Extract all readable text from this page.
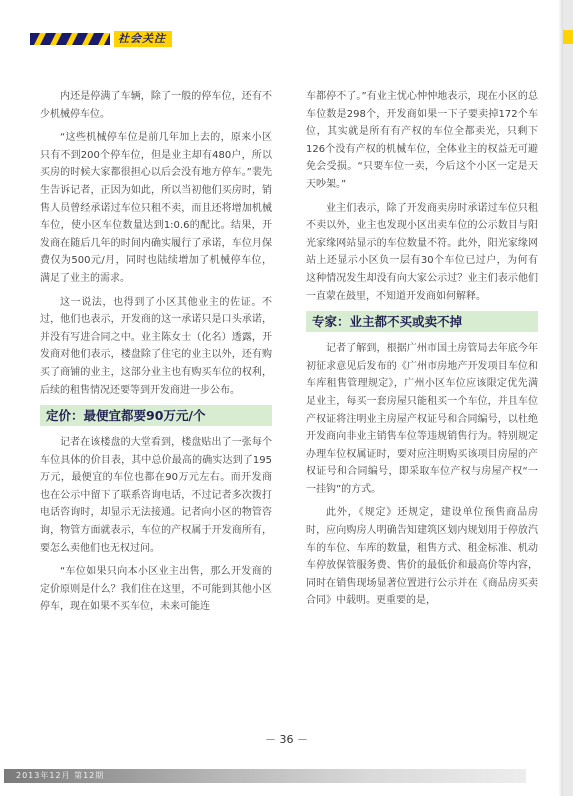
社会关注

内还是停满了车辆，除了一般的停车位，还有不少机械停车位。

“这些机械停车位是前几年加上去的，原来小区只有不到200个停车位，但是业主却有480户，所以买房的时候大家都很担心以后会没有地方停车。”裴先生告诉记者，正因为如此，所以当初他们买房时，销售人员曾经承诺过车位只租不卖，而且还将增加机械车位，使小区车位数量达到1:0.6的配比。结果，开发商在随后几年的时间内确实履行了承诺，车位月保费仅为500元/月，同时也陆续增加了机械停车位，满足了业主的需求。

这一说法，也得到了小区其他业主的佐证。不过，他们也表示，开发商的这一承诺只是口头承诺，并没有写进合同之中。业主陈女士（化名）透露，开发商对他们表示，楼盘除了住宅的业主以外，还有购买了商铺的业主，这部分业主也有购买车位的权利，后续的租售情况还要等到开发商进一步公布。

定价：最便宜都要90万元/个

记者在该楼盘的大堂看到，楼盘贴出了一张每个车位具体的价目表，其中总价最高的确实达到了195万元，最便宜的车位也都在90万元左右。而开发商也在公示中留下了联系咨询电话，不过记者多次拨打电话咨询时，却显示无法接通。记者向小区的物管咨询，物管方面就表示，车位的产权属于开发商所有，要怎么卖他们也无权过问。

“车位如果只向本小区业主出售，那么开发商的定价原则是什么？我们住在这里，不可能到其他小区停车，现在如果不买车位，未来可能连

车都停不了。”有业主忧心忡忡地表示，现在小区的总车位数是298个，开发商如果一下子要卖掉172个车位，其实就是所有有产权的车位全都卖光，只剩下126个没有产权的机械车位，全体业主的权益无可避免会受损。“只要车位一卖，今后这个小区一定是天天吵架。”

业主们表示，除了开发商卖房时承诺过车位只租不卖以外，业主也发现小区出卖车位的公示数目与阳光家缘网站显示的车位数量不符。此外，阳光家缘网站上还显示小区负一层有30个车位已过户，为何有这种情况发生却没有向大家公示过？业主们表示他们一直蒙在鼓里，不知道开发商如何解释。

专家：业主都不买或卖不掉

记者了解到，根据广州市国土房管局去年底今年初征求意见后发布的《广州市房地产开发项目车位和车库租售管理规定》，广州小区车位应该限定优先满足业主，每买一套房屋只能租买一个车位，并且车位产权证将注明业主房屋产权证号和合同编号，以杜绝开发商向非业主销售车位等违规销售行为。特别规定办理车位权属证时，要对应注明购买该项目房屋的产权证号和合同编号，即采取车位产权与房屋产权“一一挂钩”的方式。

此外，《规定》还规定，建设单位预售商品房时，应向购房人明确告知建筑区划内规划用于停放汽车的车位、车库的数量，租售方式、租金标准、机动车停放保管服务费、售价的最低价和最高价等内容，同时在销售现场显著位置进行公示并在《商品房买卖合同》中载明。更重要的是，

－ 36 －
2013年12月 第12期
